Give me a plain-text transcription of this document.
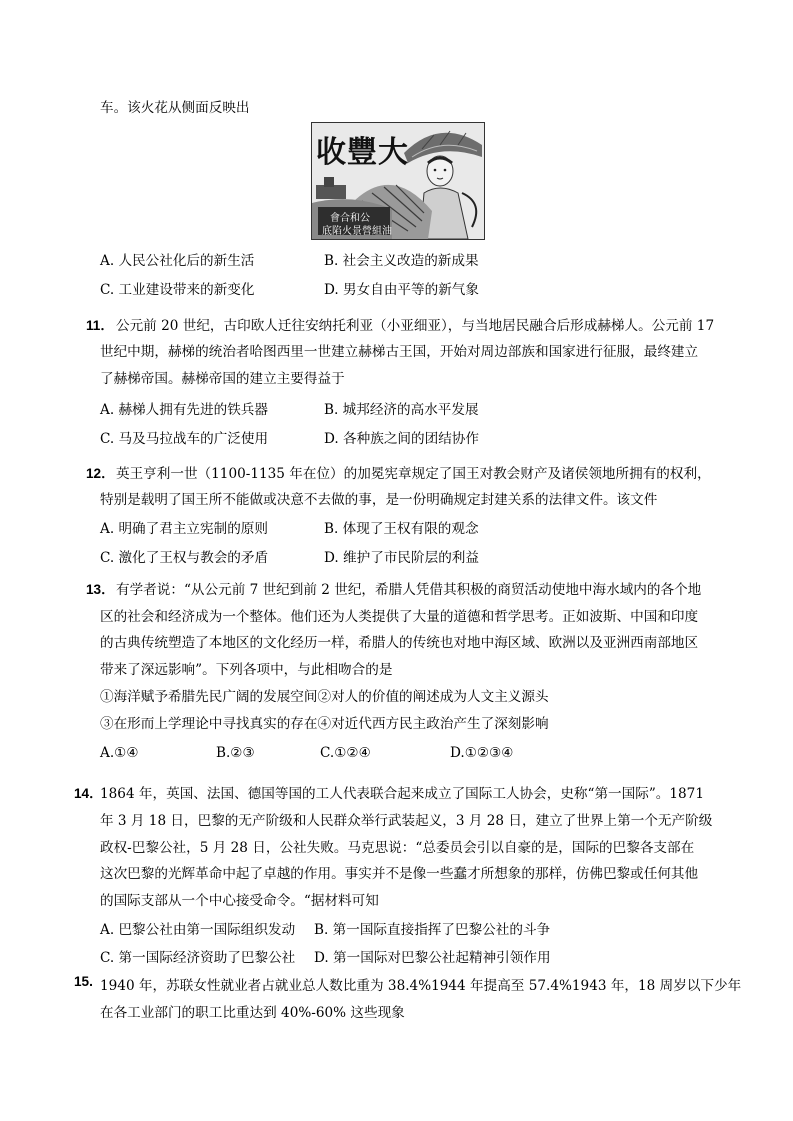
车。该火花从侧面反映出
收豐大
會合和公
底陷火景營組油
A. 人民公社化后的新生活	B. 社会主义改造的新成果
C. 工业建设带来的新变化	D. 男女自由平等的新气象
11． 公元前 20 世纪，古印欧人迁往安纳托利亚（小亚细亚），与当地居民融合后形成赫梯人。公元前 17
世纪中期，赫梯的统治者哈图西里一世建立赫梯古王国，开始对周边部族和国家进行征服，最终建立
了赫梯帝国。赫梯帝国的建立主要得益于
A. 赫梯人拥有先进的铁兵器	B. 城邦经济的高水平发展
C. 马及马拉战车的广泛使用	D. 各种族之间的团结协作
12． 英王亨利一世（1100-1135 年在位）的加冕宪章规定了国王对教会财产及诸侯领地所拥有的权利，
特别是载明了国王所不能做或决意不去做的事，是一份明确规定封建关系的法律文件。该文件
A. 明确了君主立宪制的原则	B. 体现了王权有限的观念
C. 激化了王权与教会的矛盾	D. 维护了市民阶层的利益
13． 有学者说：“从公元前 7 世纪到前 2 世纪，希腊人凭借其积极的商贸活动使地中海水域内的各个地
区的社会和经济成为一个整体。他们还为人类提供了大量的道德和哲学思考。正如波斯、中国和印度
的古典传统塑造了本地区的文化经历一样，希腊人的传统也对地中海区域、欧洲以及亚洲西南部地区
带来了深远影响”。下列各项中，与此相吻合的是
①海洋赋予希腊先民广阔的发展空间②对人的价值的阐述成为人文主义源头
③在形而上学理论中寻找真实的存在④对近代西方民主政治产生了深刻影响
A.①④	B.②③	C.①②④	D.①②③④
14．
1864 年，英国、法国、德国等国的工人代表联合起来成立了国际工人协会，史称“第一国际”。1871
年 3 月 18 日，巴黎的无产阶级和人民群众举行武装起义，3 月 28 日，建立了世界上第一个无产阶级
政权-巴黎公社，5 月 28 日，公社失败。马克思说：“总委员会引以自豪的是，国际的巴黎各支部在
这次巴黎的光辉革命中起了卓越的作用。事实并不是像一些蠢才所想象的那样，仿佛巴黎或任何其他
的国际支部从一个中心接受命令。“据材料可知
A. 巴黎公社由第一国际组织发动 B. 第一国际直接指挥了巴黎公社的斗争
C. 第一国际经济资助了巴黎公社 D. 第一国际对巴黎公社起精神引领作用
15. 1940 年，苏联女性就业者占就业总人数比重为 38.4%1944 年提高至 57.4%1943 年，18 周岁以下少年
在各工业部门的职工比重达到 40%-60% 这些现象
